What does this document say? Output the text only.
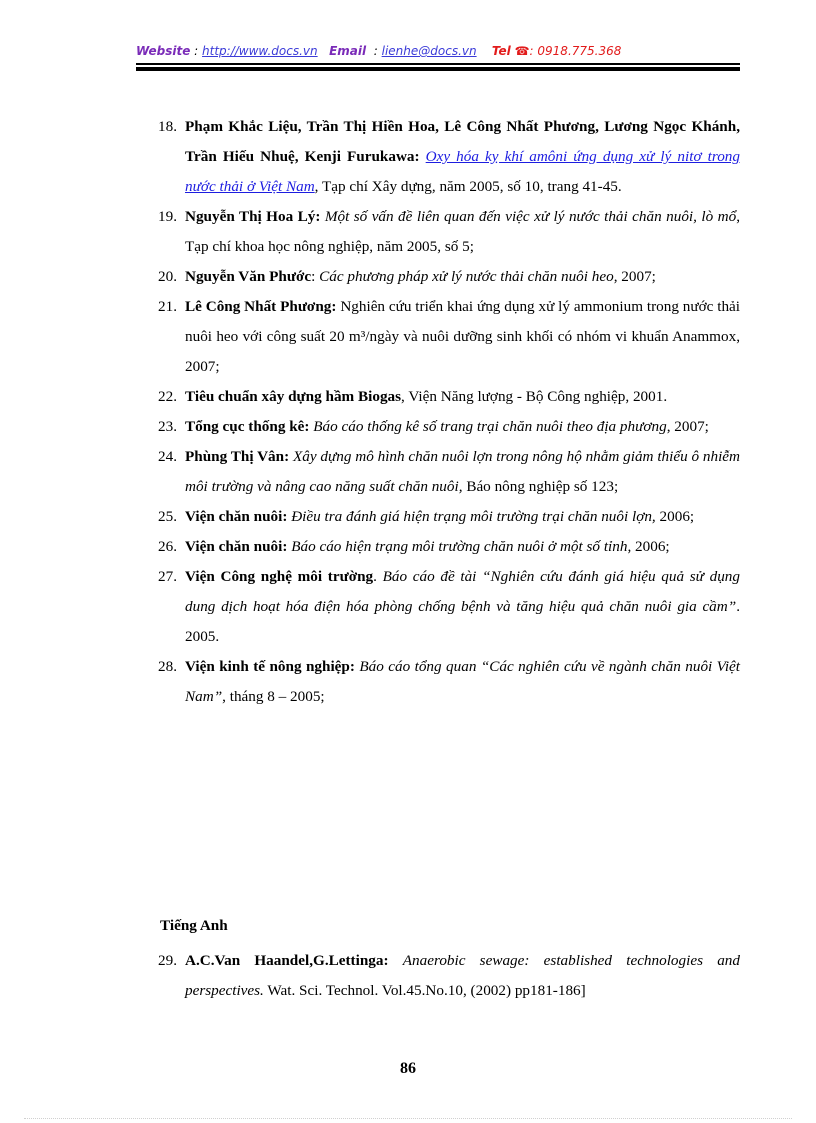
Website : http://www.docs.vn Email : lienhe@docs.vn Tel ☎: 0918.775.368
18. Phạm Khắc Liệu, Trần Thị Hiền Hoa, Lê Công Nhất Phương, Lương Ngọc Khánh, Trần Hiếu Nhuệ, Kenji Furukawa: Oxy hóa kỵ khí amôni ứng dụng xử lý nitơ trong nước thải ở Việt Nam, Tạp chí Xây dựng, năm 2005, số 10, trang 41-45.
19. Nguyễn Thị Hoa Lý: Một số vấn đề liên quan đến việc xử lý nước thải chăn nuôi, lò mổ, Tạp chí khoa học nông nghiệp, năm 2005, số 5;
20. Nguyễn Văn Phước: Các phương pháp xử lý nước thải chăn nuôi heo, 2007;
21. Lê Công Nhất Phương: Nghiên cứu triển khai ứng dụng xử lý ammonium trong nước thải nuôi heo với công suất 20 m³/ngày và nuôi dưỡng sinh khối có nhóm vi khuẩn Anammox, 2007;
22. Tiêu chuẩn xây dựng hầm Biogas, Viện Năng lượng - Bộ Công nghiệp, 2001.
23. Tổng cục thống kê: Báo cáo thống kê số trang trại chăn nuôi theo địa phương, 2007;
24. Phùng Thị Vân: Xây dựng mô hình chăn nuôi lợn trong nông hộ nhằm giảm thiểu ô nhiễm môi trường và nâng cao năng suất chăn nuôi, Báo nông nghiệp số 123;
25. Viện chăn nuôi: Điều tra đánh giá hiện trạng môi trường trại chăn nuôi lợn, 2006;
26. Viện chăn nuôi: Báo cáo hiện trạng môi trường chăn nuôi ở một số tỉnh, 2006;
27. Viện Công nghệ môi trường. Báo cáo đề tài “Nghiên cứu đánh giá hiệu quả sử dụng dung dịch hoạt hóa điện hóa phòng chống bệnh và tăng hiệu quả chăn nuôi gia cầm”. 2005.
28. Viện kinh tế nông nghiệp: Báo cáo tổng quan “Các nghiên cứu về ngành chăn nuôi Việt Nam”, tháng 8 – 2005;
Tiếng Anh
29. A.C.Van Haandel,G.Lettinga: Anaerobic sewage: established technologies and perspectives. Wat. Sci. Technol. Vol.45.No.10, (2002) pp181-186]
86
